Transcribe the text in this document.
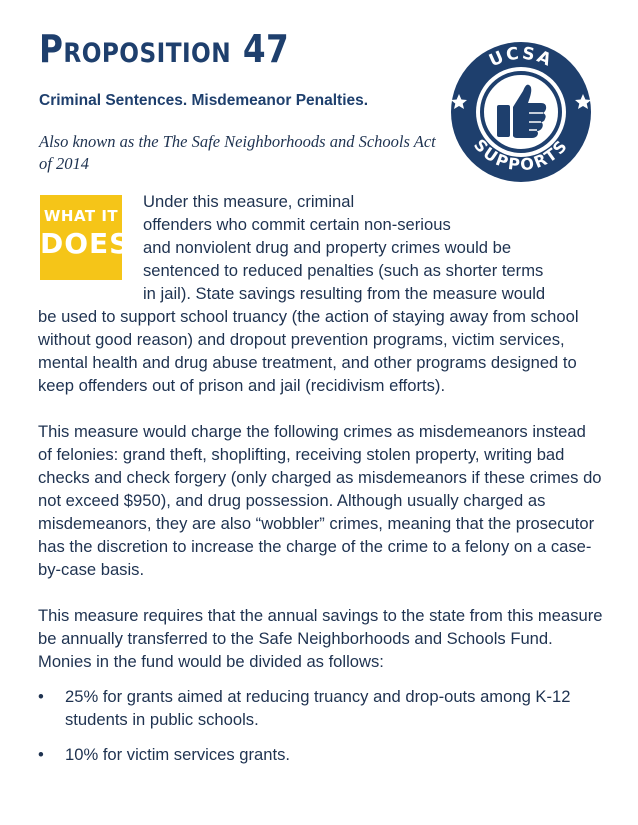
Proposition 47
Criminal Sentences. Misdemeanor Penalties.
Also known as the The Safe Neighborhoods and Schools Act of 2014
UCSA
SUPPORTS
WHAT IT
DOES

Under this measure, criminal
offenders who commit certain non-serious
and nonviolent drug and property crimes would be
sentenced to reduced penalties (such as shorter terms
in jail). State savings resulting from the measure would
be used to support school truancy (the action of staying away from school without good reason) and dropout prevention programs, victim services, mental health and drug abuse treatment, and other programs designed to keep offenders out of prison and jail (recidivism efforts).

This measure would charge the following crimes as misdemeanors instead of felonies: grand theft, shoplifting, receiving stolen property, writing bad checks and check forgery (only charged as misdemeanors if these crimes do not exceed $950), and drug possession. Although usually charged as misdemeanors, they are also “wobbler” crimes, meaning that the prosecutor has the discretion to increase the charge of the crime to a felony on a case-by-case basis.

This measure requires that the annual savings to the state from this measure be annually transferred to the Safe Neighborhoods and Schools Fund. Monies in the fund would be divided as follows:

• 25% for grants aimed at reducing truancy and drop-outs among K-12 students in public schools.
• 10% for victim services grants.
